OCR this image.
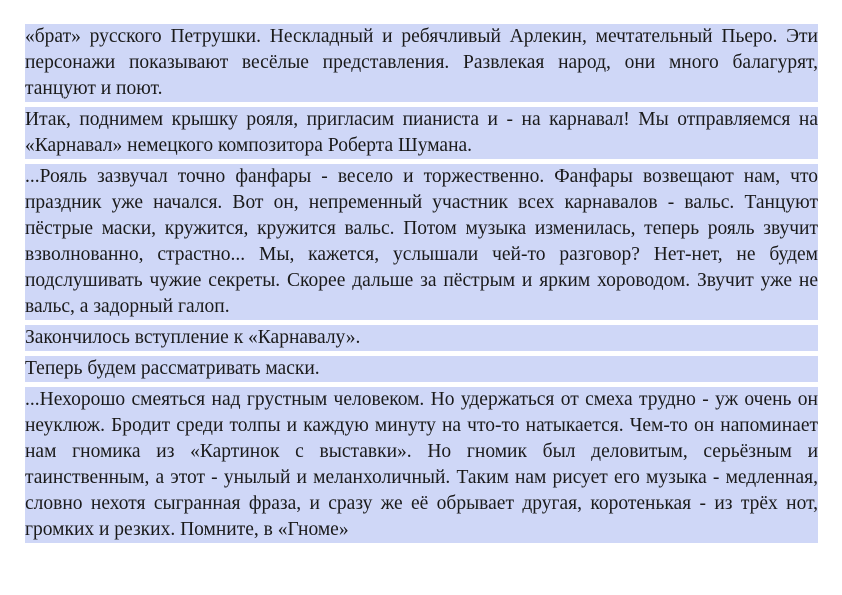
«брат» русского Петрушки. Нескладный и ребячливый Арлекин, мечтательный Пьеро. Эти персонажи показывают весёлые представления. Развлекая народ, они много балагурят, танцуют и поют.

Итак, поднимем крышку рояля, пригласим пианиста и - на карнавал! Мы отправляемся на «Карнавал» немецкого композитора Роберта Шумана.

...Рояль зазвучал точно фанфары - весело и торжественно. Фанфары возвещают нам, что праздник уже начался. Вот он, непременный участник всех карнавалов - вальс. Танцуют пёстрые маски, кружится, кружится вальс. Потом музыка изменилась, теперь рояль звучит взволнованно, страстно... Мы, кажется, услышали чей-то разговор? Нет-нет, не будем подслушивать чужие секреты. Скорее дальше за пёстрым и ярким хороводом. Звучит уже не вальс, а задорный галоп.

Закончилось вступление к «Карнавалу».

Теперь будем рассматривать маски.

...Нехорошо смеяться над грустным человеком. Но удержаться от смеха трудно - уж очень он неуклюж. Бродит среди толпы и каждую минуту на что-то натыкается. Чем-то он напоминает нам гномика из «Картинок с выставки». Но гномик был деловитым, серьёзным и таинственным, а этот - унылый и меланхоличный. Таким нам рисует его музыка - медленная, словно нехотя сыгранная фраза, и сразу же её обрывает другая, коротенькая - из трёх нот, громких и резких. Помните, в «Гноме»
